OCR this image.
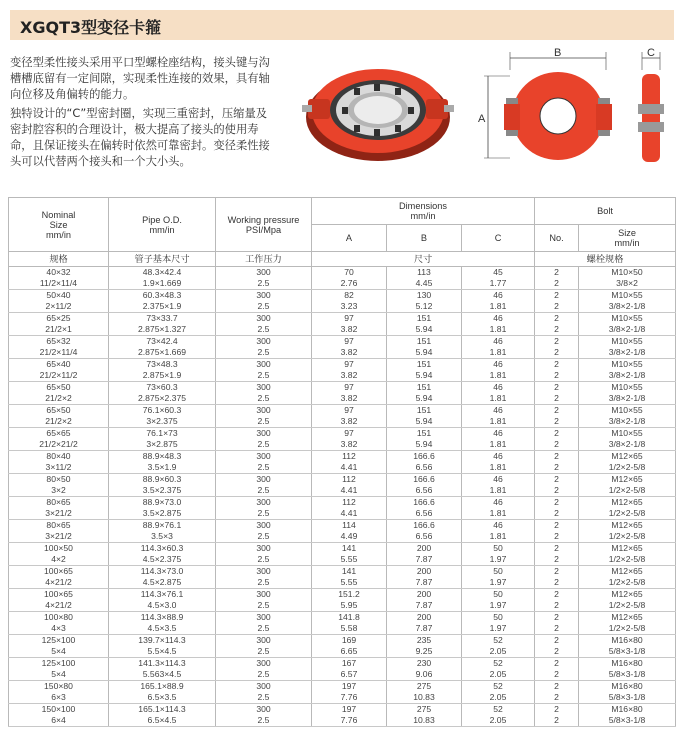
XGQT3型变径卡箍

变径型柔性接头采用平口型螺栓座结构，接头键与沟槽槽底留有一定间隙，实现柔性连接的效果，具有轴向位移及角偏转的能力。

独特设计的“C”型密封圈，实现三重密封，压缩量及密封腔容积的合理设计，极大提高了接头的使用寿命，且保证接头在偏转时依然可靠密封。变径柔性接头可以代替两个接头和一个大小头。

B
A
C
Nominal
Size
mm/in	Pipe O.D.
mm/in	Working pressure
PSI/Mpa	Dimensions
mm/in			Bolt	
			A	B	C	No.	Size
mm/in
规格	管子基本尺寸	工作压力	尺寸			螺栓规格	
40×32	48.3×42.4	300	70	113	45	2	M10×50
11/2×11/4	1.9×1.669	2.5	2.76	4.45	1.77	2	3/8×2
50×40	60.3×48.3	300	82	130	46	2	M10×55
2×11/2	2.375×1.9	2.5	3.23	5.12	1.81	2	3/8×2-1/8
65×25	73×33.7	300	97	151	46	2	M10×55
21/2×1	2.875×1.327	2.5	3.82	5.94	1.81	2	3/8×2-1/8
65×32	73×42.4	300	97	151	46	2	M10×55
21/2×11/4	2.875×1.669	2.5	3.82	5.94	1.81	2	3/8×2-1/8
65×40	73×48.3	300	97	151	46	2	M10×55
21/2×11/2	2.875×1.9	2.5	3.82	5.94	1.81	2	3/8×2-1/8
65×50	73×60.3	300	97	151	46	2	M10×55
21/2×2	2.875×2.375	2.5	3.82	5.94	1.81	2	3/8×2-1/8
65×50	76.1×60.3	300	97	151	46	2	M10×55
21/2×2	3×2.375	2.5	3.82	5.94	1.81	2	3/8×2-1/8
65×65	76.1×73	300	97	151	46	2	M10×55
21/2×21/2	3×2.875	2.5	3.82	5.94	1.81	2	3/8×2-1/8
80×40	88.9×48.3	300	112	166.6	46	2	M12×65
3×11/2	3.5×1.9	2.5	4.41	6.56	1.81	2	1/2×2-5/8
80×50	88.9×60.3	300	112	166.6	46	2	M12×65
3×2	3.5×2.375	2.5	4.41	6.56	1.81	2	1/2×2-5/8
80×65	88.9×73.0	300	112	166.6	46	2	M12×65
3×21/2	3.5×2.875	2.5	4.41	6.56	1.81	2	1/2×2-5/8
80×65	88.9×76.1	300	114	166.6	46	2	M12×65
3×21/2	3.5×3	2.5	4.49	6.56	1.81	2	1/2×2-5/8
100×50	114.3×60.3	300	141	200	50	2	M12×65
4×2	4.5×2.375	2.5	5.55	7.87	1.97	2	1/2×2-5/8
100×65	114.3×73.0	300	141	200	50	2	M12×65
4×21/2	4.5×2.875	2.5	5.55	7.87	1.97	2	1/2×2-5/8
100×65	114.3×76.1	300	151.2	200	50	2	M12×65
4×21/2	4.5×3.0	2.5	5.95	7.87	1.97	2	1/2×2-5/8
100×80	114.3×88.9	300	141.8	200	50	2	M12×65
4×3	4.5×3.5	2.5	5.58	7.87	1.97	2	1/2×2-5/8
125×100	139.7×114.3	300	169	235	52	2	M16×80
5×4	5.5×4.5	2.5	6.65	9.25	2.05	2	5/8×3-1/8
125×100	141.3×114.3	300	167	230	52	2	M16×80
5×4	5.563×4.5	2.5	6.57	9.06	2.05	2	5/8×3-1/8
150×80	165.1×88.9	300	197	275	52	2	M16×80
6×3	6.5×3.5	2.5	7.76	10.83	2.05	2	5/8×3-1/8
150×100	165.1×114.3	300	197	275	52	2	M16×80
6×4	6.5×4.5	2.5	7.76	10.83	2.05	2	5/8×3-1/8
